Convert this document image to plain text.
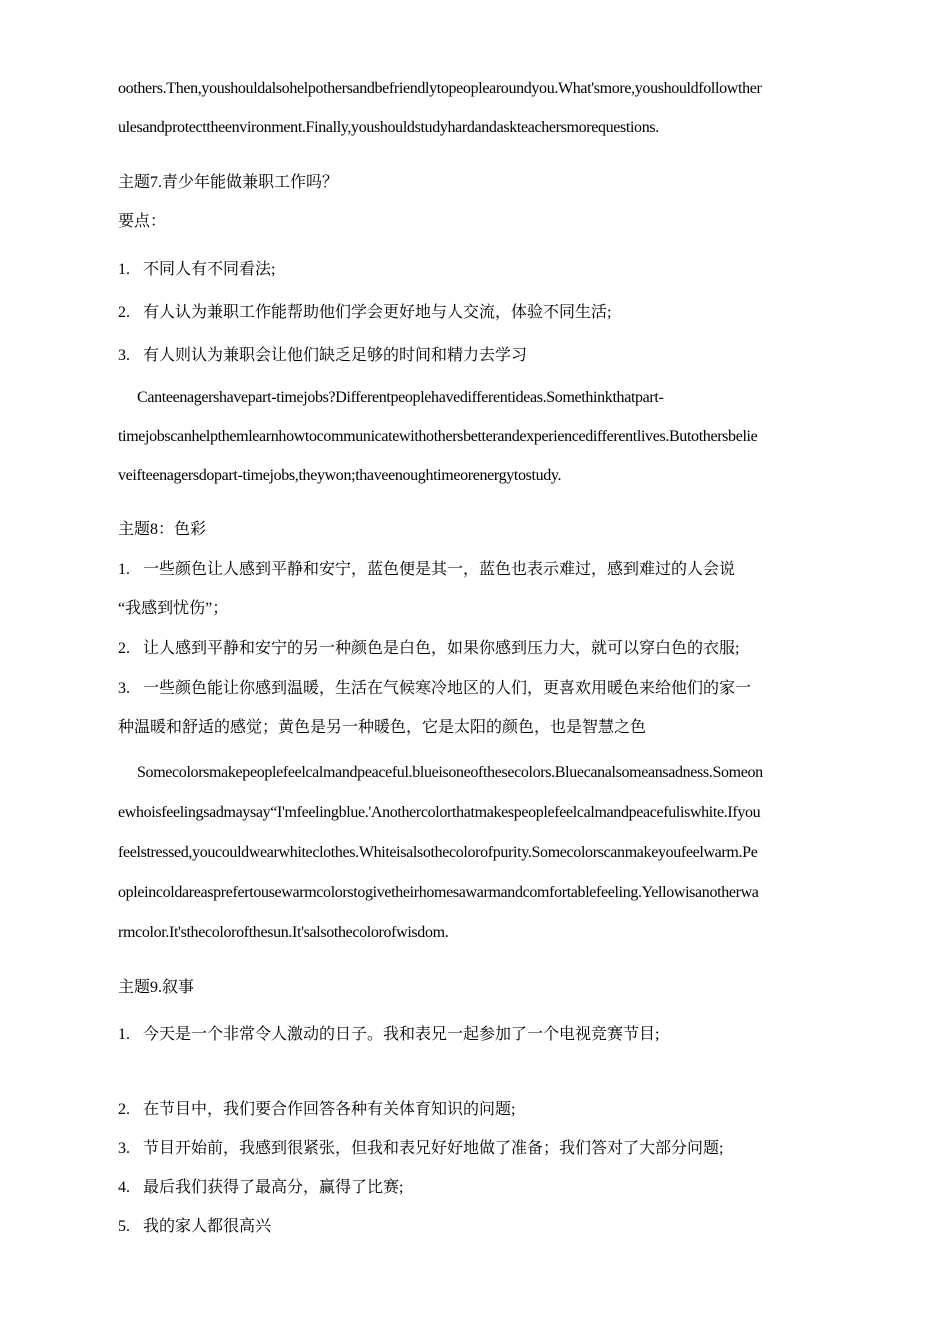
oothers.Then,youshouldalsohelpothersandbefriendlytopeoplearoundyou.What'smore,youshouldfollowther
ulesandprotecttheenvironment.Finally,youshouldstudyhardandaskteachersmorequestions.
主题7.青少年能做兼职工作吗？
要点：
1. 不同人有不同看法;
2. 有人认为兼职工作能帮助他们学会更好地与人交流，体验不同生活;
3. 有人则认为兼职会让他们缺乏足够的时间和精力去学习
Canteenagershavepart-timejobs?Differentpeoplehavedifferentideas.Somethinkthatpart-
timejobscanhelpthemlearnhowtocommunicatewithothersbetterandexperiencedifferentlives.Butothersbelie
veifteenagersdopart-timejobs,theywon;thaveenoughtimeorenergytostudy.
主题8：色彩
1. 一些颜色让人感到平静和安宁，蓝色便是其一，蓝色也表示难过，感到难过的人会说
“我感到忧伤”；
2. 让人感到平静和安宁的另一种颜色是白色，如果你感到压力大，就可以穿白色的衣服;
3. 一些颜色能让你感到温暖，生活在气候寒冷地区的人们，更喜欢用暖色来给他们的家一
种温暖和舒适的感觉；黄色是另一种暖色，它是太阳的颜色，也是智慧之色
Somecolorsmakepeoplefeelcalmandpeaceful.blueisoneofthesecolors.Bluecanalsomeansadness.Someon
ewhoisfeelingsadmaysay“I'mfeelingblue.'Anothercolorthatmakespeoplefeelcalmandpeacefuliswhite.Ifyou
feelstressed,youcouldwearwhiteclothes.Whiteisalsothecolorofpurity.Somecolorscanmakeyoufeelwarm.Pe
opleincoldareasprefertousewarmcolorstogivetheirhomesawarmandcomfortablefeeling.Yellowisanotherwa
rmcolor.It'sthecolorofthesun.It'salsothecolorofwisdom.
主题9.叙事
1. 今天是一个非常令人激动的日子。我和表兄一起参加了一个电视竞赛节目;
2. 在节目中，我们要合作回答各种有关体育知识的问题;
3. 节目开始前，我感到很紧张，但我和表兄好好地做了准备；我们答对了大部分问题;
4. 最后我们获得了最高分，赢得了比赛;
5. 我的家人都很高兴
